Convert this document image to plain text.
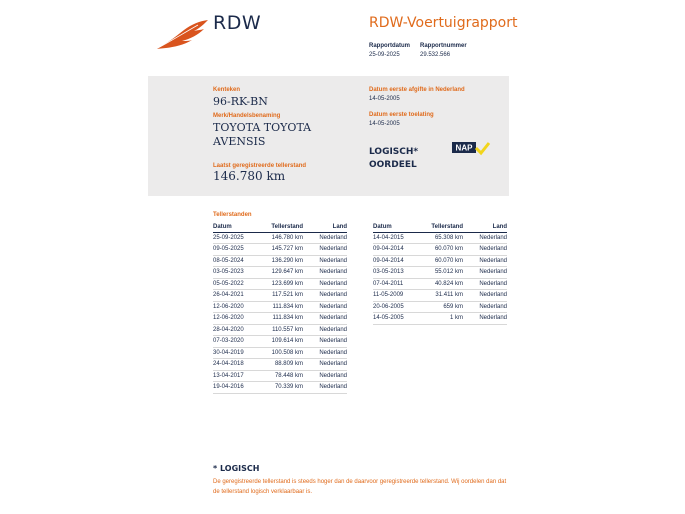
RDW	RDW-Voertuigrapport
Rapportdatum
25-09-2025
Rapportnummer
29.532.566
Kenteken
96-RK-BN
Merk/Handelsbenaming
TOYOTA TOYOTA AVENSIS
Laatst geregistreerde tellerstand
146.780 km
Datum eerste afgifte in Nederland
14-05-2005
Datum eerste toelating
14-05-2005
LOGISCH* OORDEEL
NAP
Tellerstanden
Datum	Tellerstand	Land
25-09-2025	146.780 km	Nederland
09-05-2025	145.727 km	Nederland
08-05-2024	136.290 km	Nederland
03-05-2023	129.647 km	Nederland
05-05-2022	123.699 km	Nederland
26-04-2021	117.521 km	Nederland
12-06-2020	111.834 km	Nederland
12-06-2020	111.834 km	Nederland
28-04-2020	110.557 km	Nederland
07-03-2020	109.614 km	Nederland
30-04-2019	100.508 km	Nederland
24-04-2018	88.809 km	Nederland
13-04-2017	78.448 km	Nederland
19-04-2016	70.339 km	Nederland
Datum	Tellerstand	Land
14-04-2015	65.308 km	Nederland
09-04-2014	60.070 km	Nederland
09-04-2014	60.070 km	Nederland
03-05-2013	55.012 km	Nederland
07-04-2011	40.824 km	Nederland
11-05-2009	31.411 km	Nederland
20-06-2005	659 km	Nederland
14-05-2005	1 km	Nederland
* LOGISCH
De geregistreerde tellerstand is steeds hoger dan de daarvoor geregistreerde tellerstand. Wij oordelen dan dat de tellerstand logisch verklaarbaar is.
